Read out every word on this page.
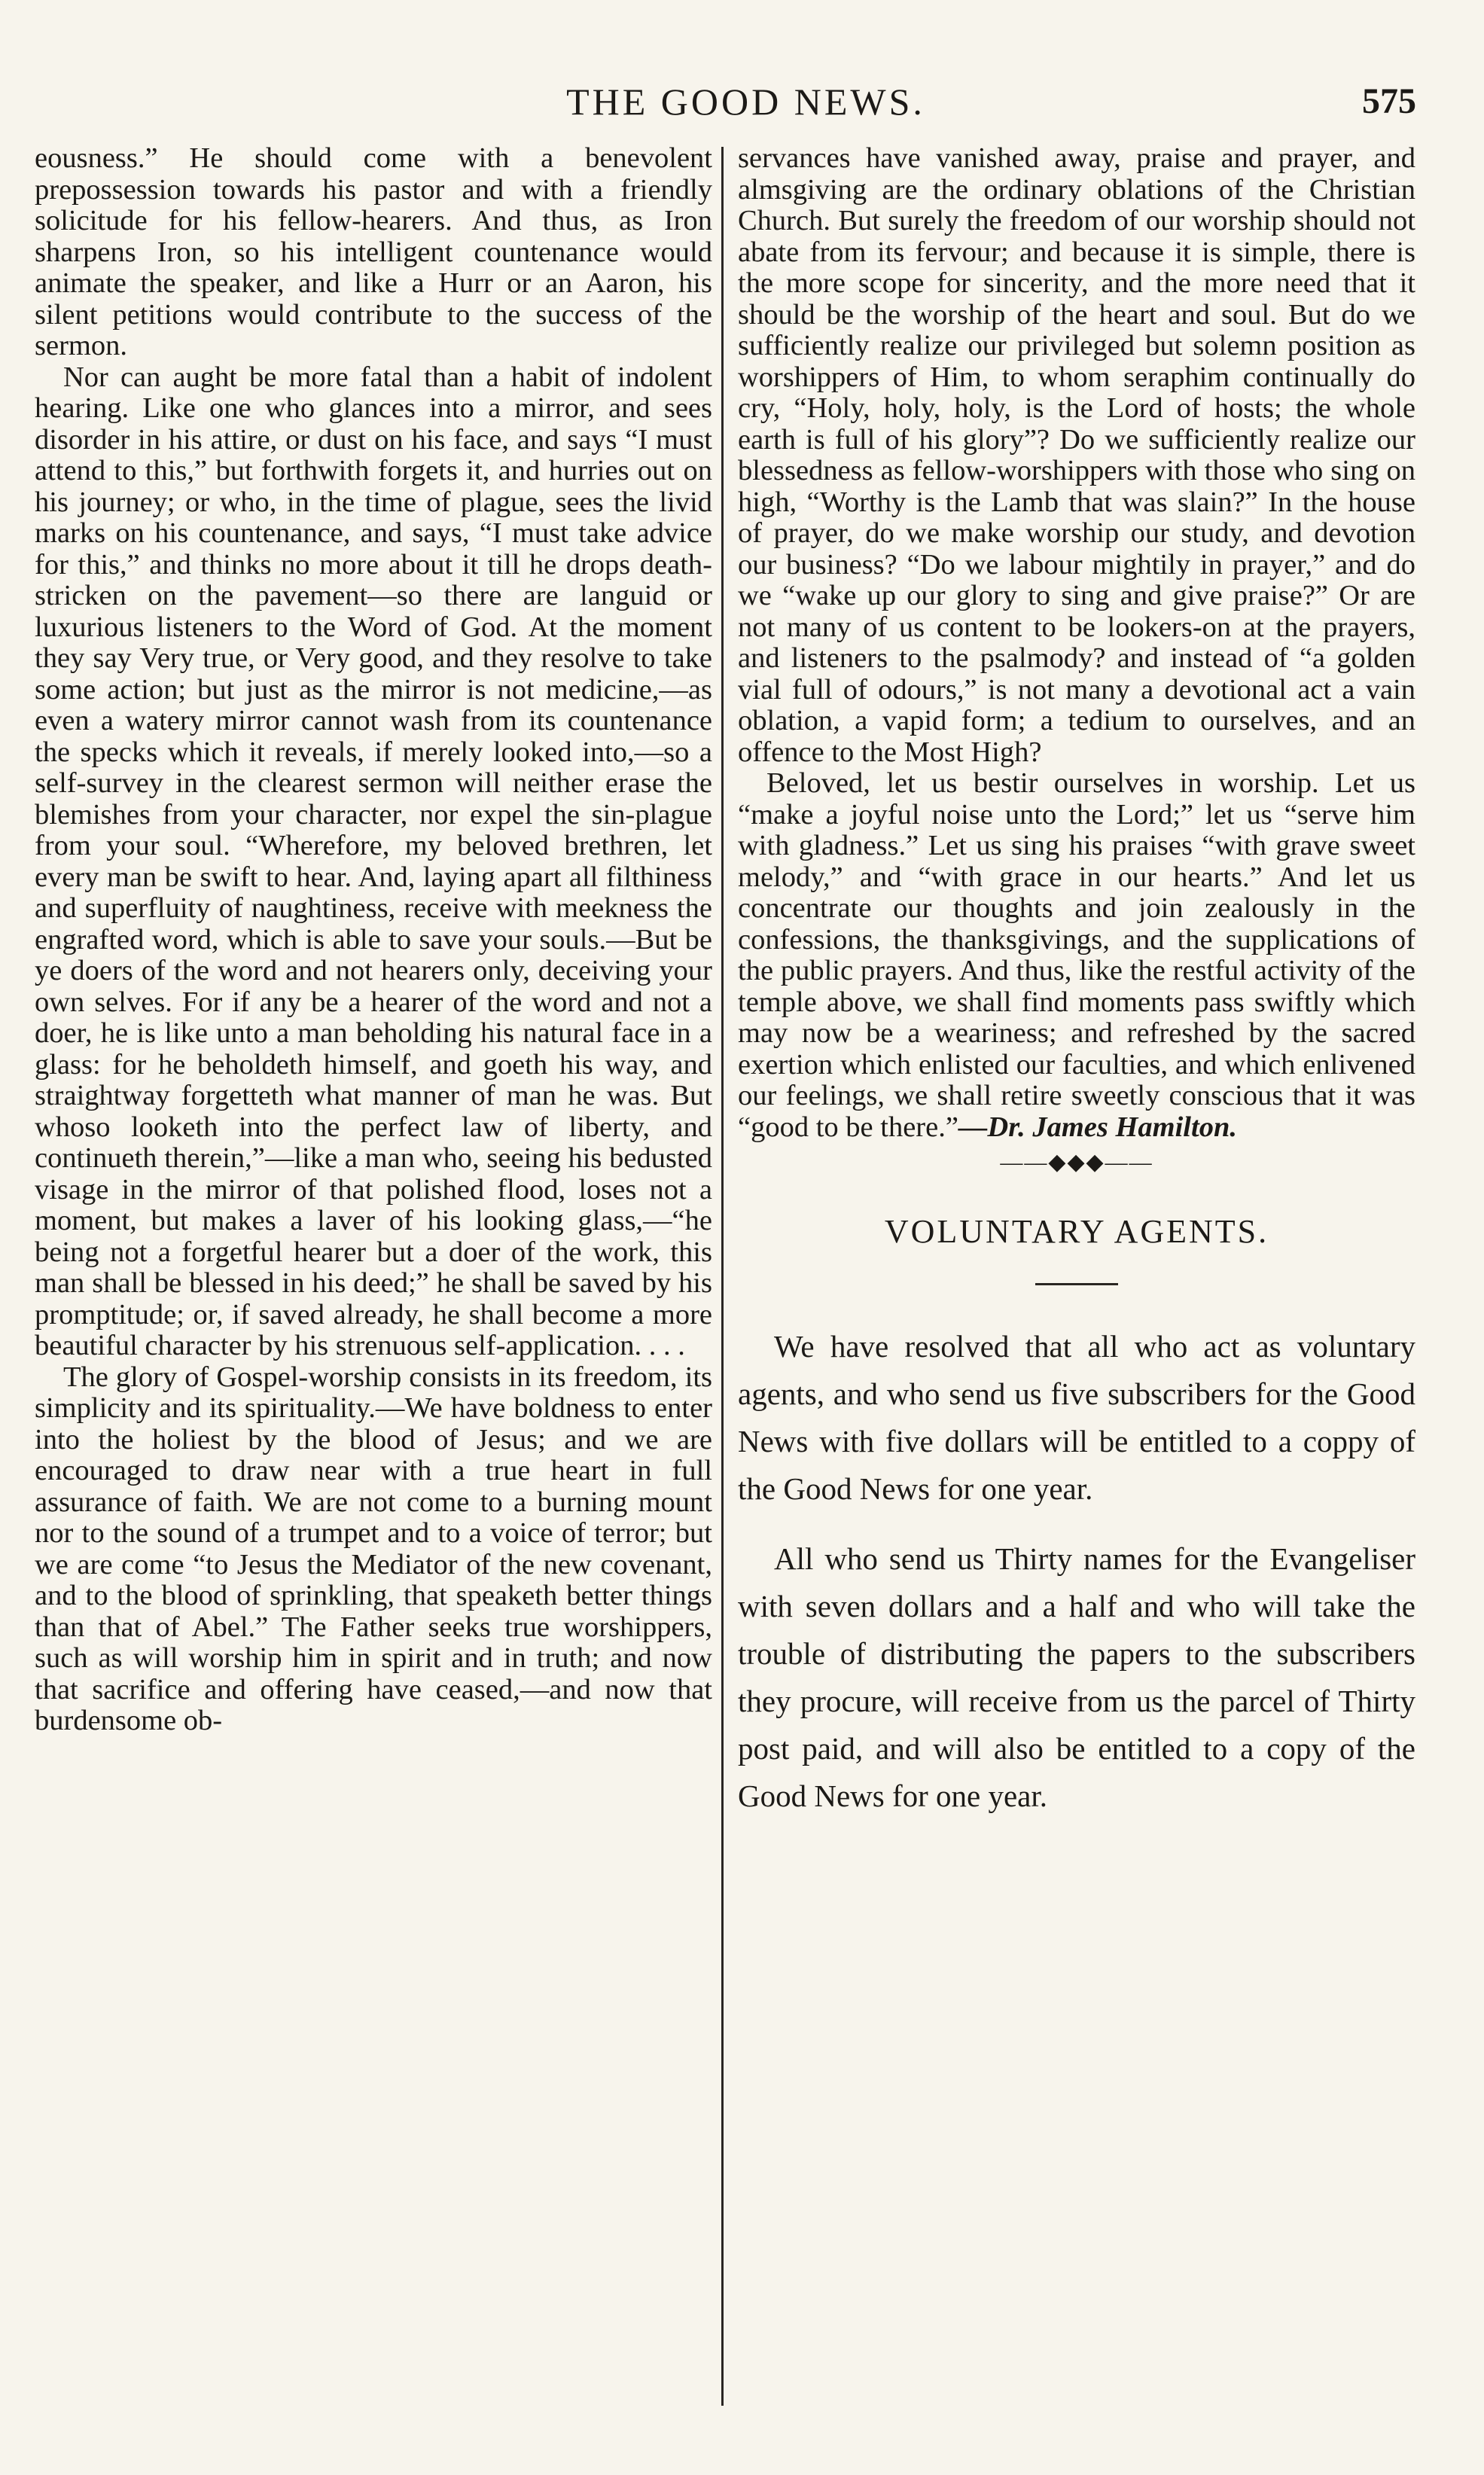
THE GOOD NEWS.	575

eousness.” He should come with a benevolent prepossession towards his pastor and with a friendly solicitude for his fellow-hearers. And thus, as Iron sharpens Iron, so his intelligent countenance would animate the speaker, and like a Hurr or an Aaron, his silent petitions would contribute to the success of the sermon.

Nor can aught be more fatal than a habit of indolent hearing. Like one who glances into a mirror, and sees disorder in his attire, or dust on his face, and says “I must attend to this,” but forthwith forgets it, and hurries out on his journey; or who, in the time of plague, sees the livid marks on his countenance, and says, “I must take advice for this,” and thinks no more about it till he drops death-stricken on the pavement—so there are languid or luxurious listeners to the Word of God. At the moment they say Very true, or Very good, and they resolve to take some action; but just as the mirror is not medicine,—as even a watery mirror cannot wash from its countenance the specks which it reveals, if merely looked into,—so a self-survey in the clearest sermon will neither erase the blemishes from your character, nor expel the sin-plague from your soul. “Wherefore, my beloved brethren, let every man be swift to hear. And, laying apart all filthiness and superfluity of naughtiness, receive with meekness the engrafted word, which is able to save your souls.—But be ye doers of the word and not hearers only, deceiving your own selves. For if any be a hearer of the word and not a doer, he is like unto a man beholding his natural face in a glass: for he beholdeth himself, and goeth his way, and straightway forgetteth what manner of man he was. But whoso looketh into the perfect law of liberty, and continueth therein,”—like a man who, seeing his bedusted visage in the mirror of that polished flood, loses not a moment, but makes a laver of his looking glass,—“he being not a forgetful hearer but a doer of the work, this man shall be blessed in his deed;” he shall be saved by his promptitude; or, if saved already, he shall become a more beautiful character by his strenuous self-application. . . .

The glory of Gospel-worship consists in its freedom, its simplicity and its spirituality.—We have boldness to enter into the holiest by the blood of Jesus; and we are encouraged to draw near with a true heart in full assurance of faith. We are not come to a burning mount nor to the sound of a trumpet and to a voice of terror; but we are come “to Jesus the Mediator of the new covenant, and to the blood of sprinkling, that speaketh better things than that of Abel.” The Father seeks true worshippers, such as will worship him in spirit and in truth; and now that sacrifice and offering have ceased,—and now that burdensome ob-

servances have vanished away, praise and prayer, and almsgiving are the ordinary oblations of the Christian Church. But surely the freedom of our worship should not abate from its fervour; and because it is simple, there is the more scope for sincerity, and the more need that it should be the worship of the heart and soul. But do we sufficiently realize our privileged but solemn position as worshippers of Him, to whom seraphim continually do cry, “Holy, holy, holy, is the Lord of hosts; the whole earth is full of his glory”? Do we sufficiently realize our blessedness as fellow-worshippers with those who sing on high, “Worthy is the Lamb that was slain?” In the house of prayer, do we make worship our study, and devotion our business? “Do we labour mightily in prayer,” and do we “wake up our glory to sing and give praise?” Or are not many of us content to be lookers-on at the prayers, and listeners to the psalmody? and instead of “a golden vial full of odours,” is not many a devotional act a vain oblation, a vapid form; a tedium to ourselves, and an offence to the Most High?

Beloved, let us bestir ourselves in worship. Let us “make a joyful noise unto the Lord;” let us “serve him with gladness.” Let us sing his praises “with grave sweet melody,” and “with grace in our hearts.” And let us concentrate our thoughts and join zealously in the confessions, the thanksgivings, and the supplications of the public prayers. And thus, like the restful activity of the temple above, we shall find moments pass swiftly which may now be a weariness; and refreshed by the sacred exertion which enlisted our faculties, and which enlivened our feelings, we shall retire sweetly conscious that it was “good to be there.”—Dr. James Hamilton.

——◆◆◆——
VOLUNTARY AGENTS.

We have resolved that all who act as voluntary agents, and who send us five subscribers for the Good News with five dollars will be entitled to a coppy of the Good News for one year.

All who send us Thirty names for the Evangeliser with seven dollars and a half and who will take the trouble of distributing the papers to the subscribers they procure, will receive from us the parcel of Thirty post paid, and will also be entitled to a copy of the Good News for one year.
